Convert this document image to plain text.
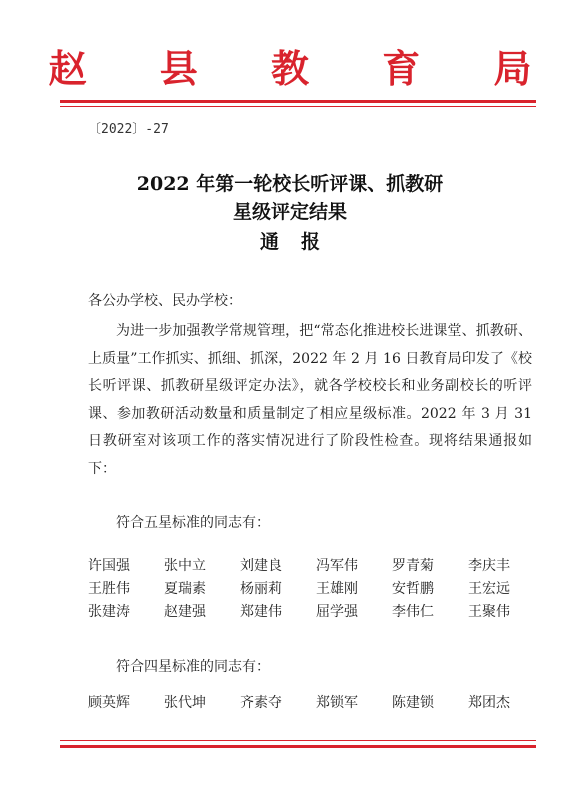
赵 县 教 育 局
〔2022〕-27
2022 年第一轮校长听评课、抓教研
星级评定结果
通报
各公办学校、民办学校：
为进一步加强教学常规管理，把“常态化推进校长进课堂、抓教研、上质量”工作抓实、抓细、抓深，2022 年 2 月 16 日教育局印发了《校长听评课、抓教研星级评定办法》，就各学校校长和业务副校长的听评课、参加教研活动数量和质量制定了相应星级标准。2022 年 3 月 31 日教研室对该项工作的落实情况进行了阶段性检查。现将结果通报如下：
符合五星标准的同志有：
许国强	张中立	刘建良	冯军伟	罗青菊	李庆丰
王胜伟	夏瑞素	杨丽莉	王雄刚	安哲鹏	王宏远
张建涛	赵建强	郑建伟	屈学强	李伟仁	王聚伟
符合四星标准的同志有：
顾英辉	张代坤	齐素夺	郑锁军	陈建锁	郑团杰
